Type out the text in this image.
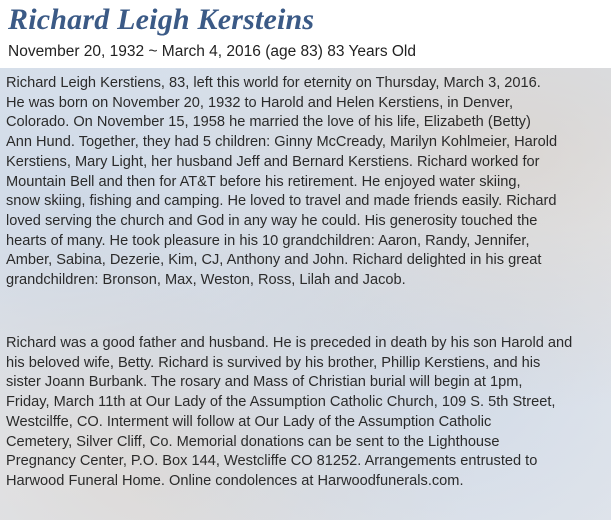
Richard Leigh Kersteins
November 20, 1932 ~ March 4, 2016 (age 83) 83 Years Old

Richard Leigh Kerstiens, 83, left this world for eternity on Thursday, March 3, 2016.
He was born on November 20, 1932 to Harold and Helen Kerstiens, in Denver,
Colorado. On November 15, 1958 he married the love of his life, Elizabeth (Betty)
Ann Hund. Together, they had 5 children: Ginny McCready, Marilyn Kohlmeier, Harold
Kerstiens, Mary Light, her husband Jeff and Bernard Kerstiens. Richard worked for
Mountain Bell and then for AT&T before his retirement. He enjoyed water skiing,
snow skiing, fishing and camping. He loved to travel and made friends easily. Richard
loved serving the church and God in any way he could. His generosity touched the
hearts of many. He took pleasure in his 10 grandchildren: Aaron, Randy, Jennifer,
Amber, Sabina, Dezerie, Kim, CJ, Anthony and John. Richard delighted in his great
grandchildren: Bronson, Max, Weston, Ross, Lilah and Jacob.

Richard was a good father and husband. He is preceded in death by his son Harold and
his beloved wife, Betty. Richard is survived by his brother, Phillip Kerstiens, and his
sister Joann Burbank. The rosary and Mass of Christian burial will begin at 1pm,
Friday, March 11th at Our Lady of the Assumption Catholic Church, 109 S. 5th Street,
Westcilffe, CO. Interment will follow at Our Lady of the Assumption Catholic
Cemetery, Silver Cliff, Co. Memorial donations can be sent to the Lighthouse
Pregnancy Center, P.O. Box 144, Westcliffe CO 81252. Arrangements entrusted to
Harwood Funeral Home. Online condolences at Harwoodfunerals.com.
